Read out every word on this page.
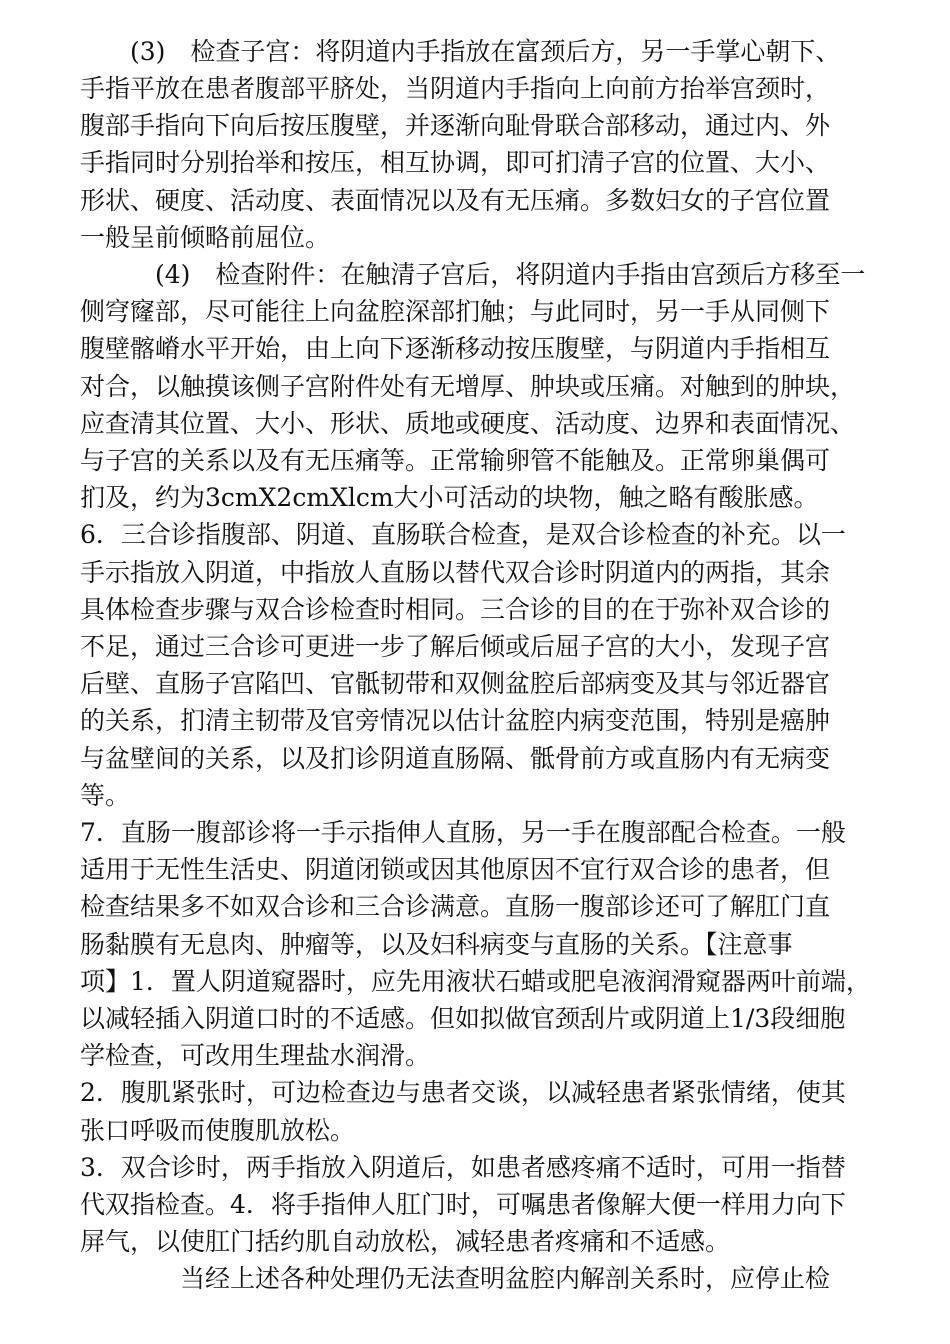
　　(3)　检查子宫：将阴道内手指放在富颈后方，另一手掌心朝下、
手指平放在患者腹部平脐处，当阴道内手指向上向前方抬举宫颈时，
腹部手指向下向后按压腹壁，并逐渐向耻骨联合部移动，通过内、外
手指同时分别抬举和按压，相互协调，即可扪清子宫的位置、大小、
形状、硬度、活动度、表面情况以及有无压痛。多数妇女的子宫位置
一般呈前倾略前屈位。
　　　(4)　检查附件：在触清子宫后，将阴道内手指由宫颈后方移至一
侧穹窿部，尽可能往上向盆腔深部扪触；与此同时，另一手从同侧下
腹壁髂嵴水平开始，由上向下逐渐移动按压腹壁，与阴道内手指相互
对合，以触摸该侧子宫附件处有无增厚、肿块或压痛。对触到的肿块，
应查清其位置、大小、形状、质地或硬度、活动度、边界和表面情况、
与子宫的关系以及有无压痛等。正常输卵管不能触及。正常卵巢偶可
扪及，约为3cmX2cmXlcm大小可活动的块物，触之略有酸胀感。
6．三合诊指腹部、阴道、直肠联合检查，是双合诊检查的补充。以一
手示指放入阴道，中指放人直肠以替代双合诊时阴道内的两指，其余
具体检查步骤与双合诊检查时相同。三合诊的目的在于弥补双合诊的
不足，通过三合诊可更进一步了解后倾或后屈子宫的大小，发现子宫
后壁、直肠子宫陷凹、官骶韧带和双侧盆腔后部病变及其与邻近器官
的关系，扪清主韧带及官旁情况以估计盆腔内病变范围，特别是癌肿
与盆壁间的关系，以及扪诊阴道直肠隔、骶骨前方或直肠内有无病变
等。
7．直肠一腹部诊将一手示指伸人直肠，另一手在腹部配合检查。一般
适用于无性生活史、阴道闭锁或因其他原因不宜行双合诊的患者，但
检查结果多不如双合诊和三合诊满意。直肠一腹部诊还可了解肛门直
肠黏膜有无息肉、肿瘤等，以及妇科病变与直肠的关系。【注意事
项】1．置人阴道窥器时，应先用液状石蜡或肥皂液润滑窥器两叶前端，
以减轻插入阴道口时的不适感。但如拟做官颈刮片或阴道上1/3段细胞
学检查，可改用生理盐水润滑。
2．腹肌紧张时，可边检查边与患者交谈，以减轻患者紧张情绪，使其
张口呼吸而使腹肌放松。
3．双合诊时，两手指放入阴道后，如患者感疼痛不适时，可用一指替
代双指检查。4．将手指伸人肛门时，可嘱患者像解大便一样用力向下
屏气，以使肛门括约肌自动放松，减轻患者疼痛和不适感。
　　　　当经上述各种处理仍无法查明盆腔内解剖关系时，应停止检
